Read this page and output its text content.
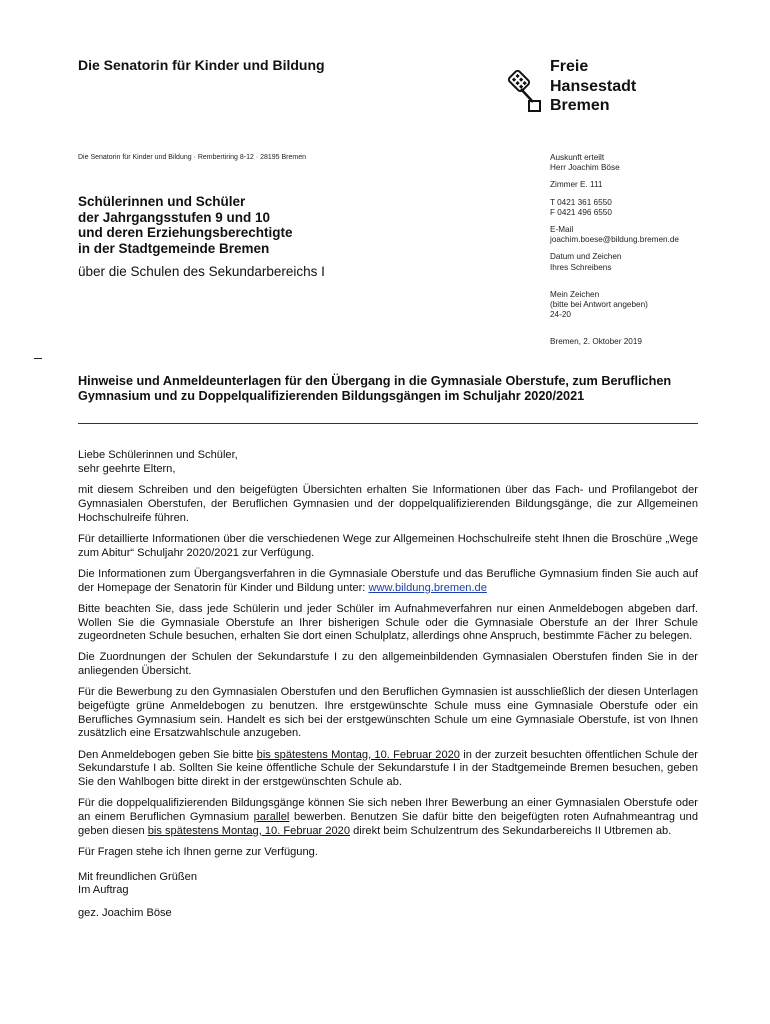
Die Senatorin für Kinder und Bildung	Freie
Hansestadt
Bremen
Die Senatorin für Kinder und Bildung · Rembertiring 8-12 · 28195 Bremen
Schülerinnen und Schüler
der Jahrgangsstufen 9 und 10
und deren Erziehungsberechtigte
in der Stadtgemeinde Bremen
über die Schulen des Sekundarbereichs I
Auskunft erteilt
Herr Joachim Böse
Zimmer E. 111
T 0421 361 6550
F 0421 496 6550
E-Mail
joachim.boese@bildung.bremen.de
Datum und Zeichen
Ihres Schreibens
Mein Zeichen
(bitte bei Antwort angeben)
24-20
Bremen, 2. Oktober 2019
Hinweise und Anmeldeunterlagen für den Übergang in die Gymnasiale Oberstufe, zum Beruflichen Gymnasium und zu Doppelqualifizierenden Bildungsgängen im Schuljahr 2020/2021

Liebe Schülerinnen und Schüler,
sehr geehrte Eltern,

mit diesem Schreiben und den beigefügten Übersichten erhalten Sie Informationen über das Fach- und Profilangebot der Gymnasialen Oberstufen, der Beruflichen Gymnasien und der doppelqualifizierenden Bildungsgänge, die zur Allgemeinen Hochschulreife führen.

Für detaillierte Informationen über die verschiedenen Wege zur Allgemeinen Hochschulreife steht Ihnen die Broschüre „Wege zum Abitur“ Schuljahr 2020/2021 zur Verfügung.

Die Informationen zum Übergangsverfahren in die Gymnasiale Oberstufe und das Berufliche Gymnasium finden Sie auch auf der Homepage der Senatorin für Kinder und Bildung unter: www.bildung.bremen.de

Bitte beachten Sie, dass jede Schülerin und jeder Schüler im Aufnahmeverfahren nur einen Anmeldebogen abgeben darf. Wollen Sie die Gymnasiale Oberstufe an Ihrer bisherigen Schule oder die Gymnasiale Oberstufe an der Ihrer Schule zugeordneten Schule besuchen, erhalten Sie dort einen Schulplatz, allerdings ohne Anspruch, bestimmte Fächer zu belegen.

Die Zuordnungen der Schulen der Sekundarstufe I zu den allgemeinbildenden Gymnasialen Oberstufen finden Sie in der anliegenden Übersicht.

Für die Bewerbung zu den Gymnasialen Oberstufen und den Beruflichen Gymnasien ist ausschließlich der diesen Unterlagen beigefügte grüne Anmeldebogen zu benutzen. Ihre erstgewünschte Schule muss eine Gymnasiale Oberstufe oder ein Berufliches Gymnasium sein. Handelt es sich bei der erstgewünschten Schule um eine Gymnasiale Oberstufe, ist von Ihnen zusätzlich eine Ersatzwahlschule anzugeben.

Den Anmeldebogen geben Sie bitte bis spätestens Montag, 10. Februar 2020 in der zurzeit besuchten öffentlichen Schule der Sekundarstufe I ab. Sollten Sie keine öffentliche Schule der Sekundarstufe I in der Stadtgemeinde Bremen besuchen, geben Sie den Wahlbogen bitte direkt in der erstgewünschten Schule ab.

Für die doppelqualifizierenden Bildungsgänge können Sie sich neben Ihrer Bewerbung an einer Gymnasialen Oberstufe oder an einem Beruflichen Gymnasium parallel bewerben. Benutzen Sie dafür bitte den beigefügten roten Aufnahmeantrag und geben diesen bis spätestens Montag, 10. Februar 2020 direkt beim Schulzentrum des Sekundarbereichs II Utbremen ab.

Für Fragen stehe ich Ihnen gerne zur Verfügung.

Mit freundlichen Grüßen
Im Auftrag

gez. Joachim Böse
